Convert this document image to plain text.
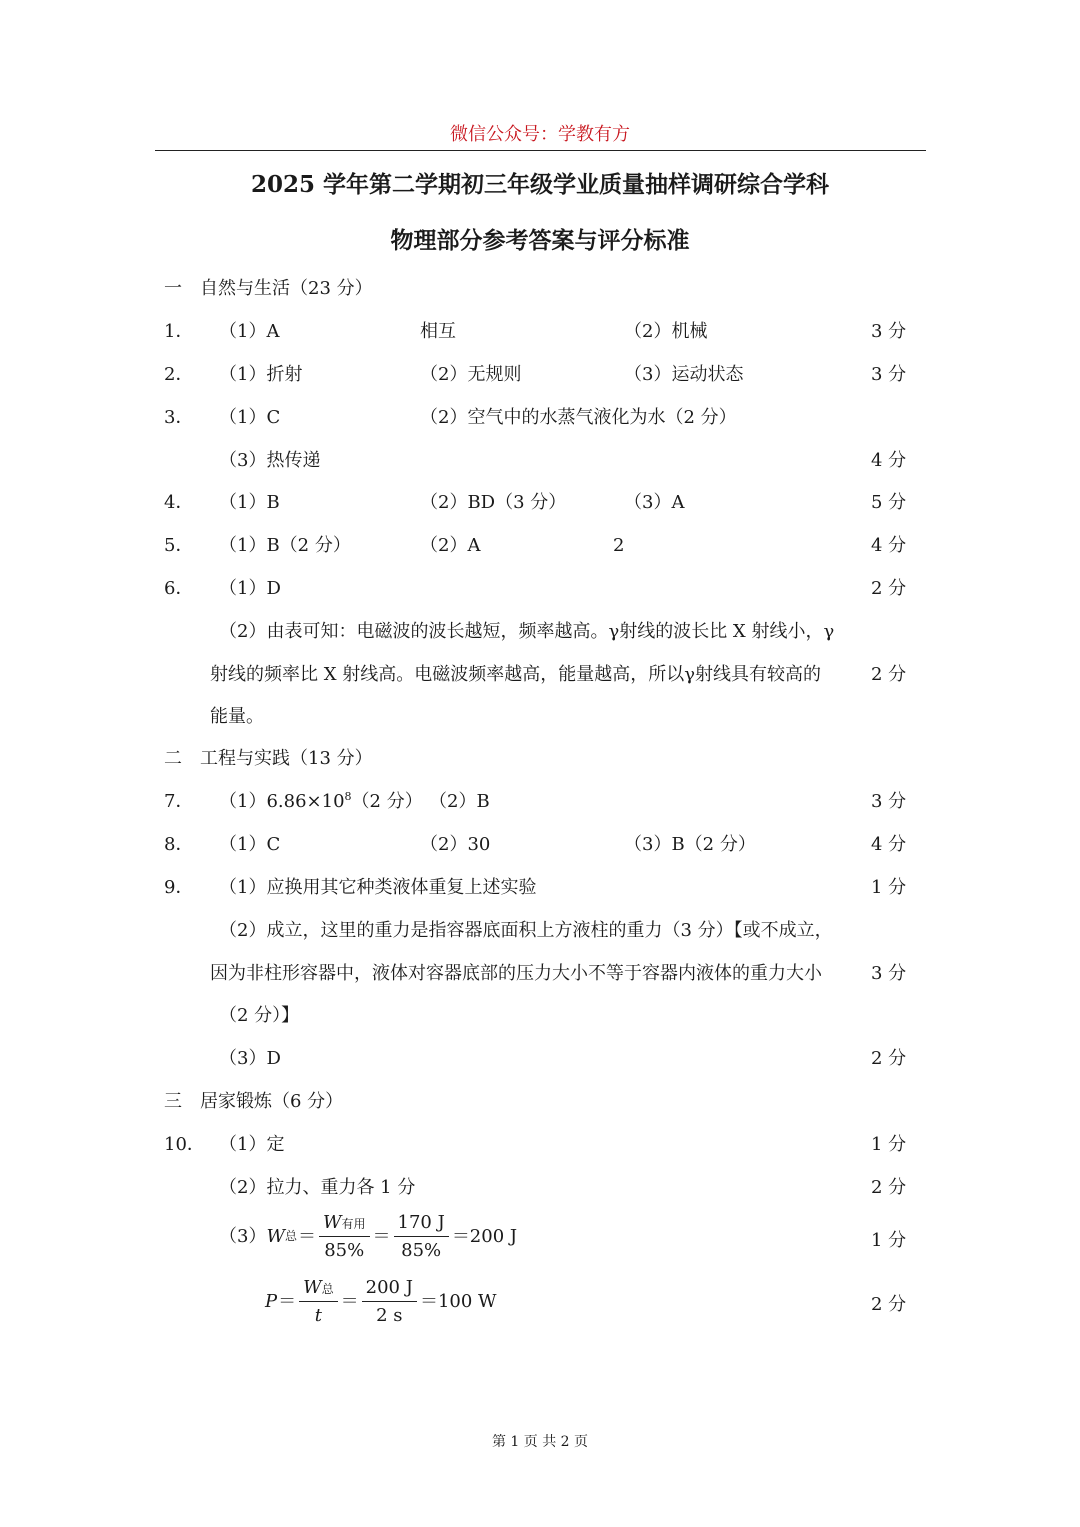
微信公众号：学教有方
2025 学年第二学期初三年级学业质量抽样调研综合学科
物理部分参考答案与评分标准
一　自然与生活（23 分）
1． （1）A	相互	（2）机械	3 分
2． （1）折射	（2）无规则	（3）运动状态	3 分
3． （1）C	（2）空气中的水蒸气液化为水（2 分）
（3）热传递	4 分
4． （1）B	（2）BD（3 分）	（3）A	5 分
5． （1）B（2 分）	（2）A	2	4 分
6． （1）D	2 分
（2）由表可知：电磁波的波长越短，频率越高。γ射线的波长比 X 射线小，γ
射线的频率比 X 射线高。电磁波频率越高，能量越高，所以γ射线具有较高的	2 分
能量。
二　工程与实践（13 分）
7． $(1)6.86\times 10^8(2$ 分） （2）B	3 分
8． （1）C	（2）30	（3）B（2 分）	4 分
9． （1）应换用其它种类液体重复上述实验	1 分
（2）成立，这里的重力是指容器底面积上方液柱的重力（3 分）【或不成立，
因为非柱形容器中，液体对容器底部的压力大小不等于容器内液体的重力大小	3 分
（2 分）】
（3）D	2 分
三　居家锻炼（6 分）
10． （1）定	1 分
（2）拉力、重力各 1 分	2 分
（3） W 总 ＝ $\frac{\text{W有用}}{85\%} = \frac{170 J}{85\%} =200$ J	1 分
$P = \frac{\text{W总}}{t} = \frac{200 J}{2 s} =100$ W	2 分
第 1 页 共 2 页
